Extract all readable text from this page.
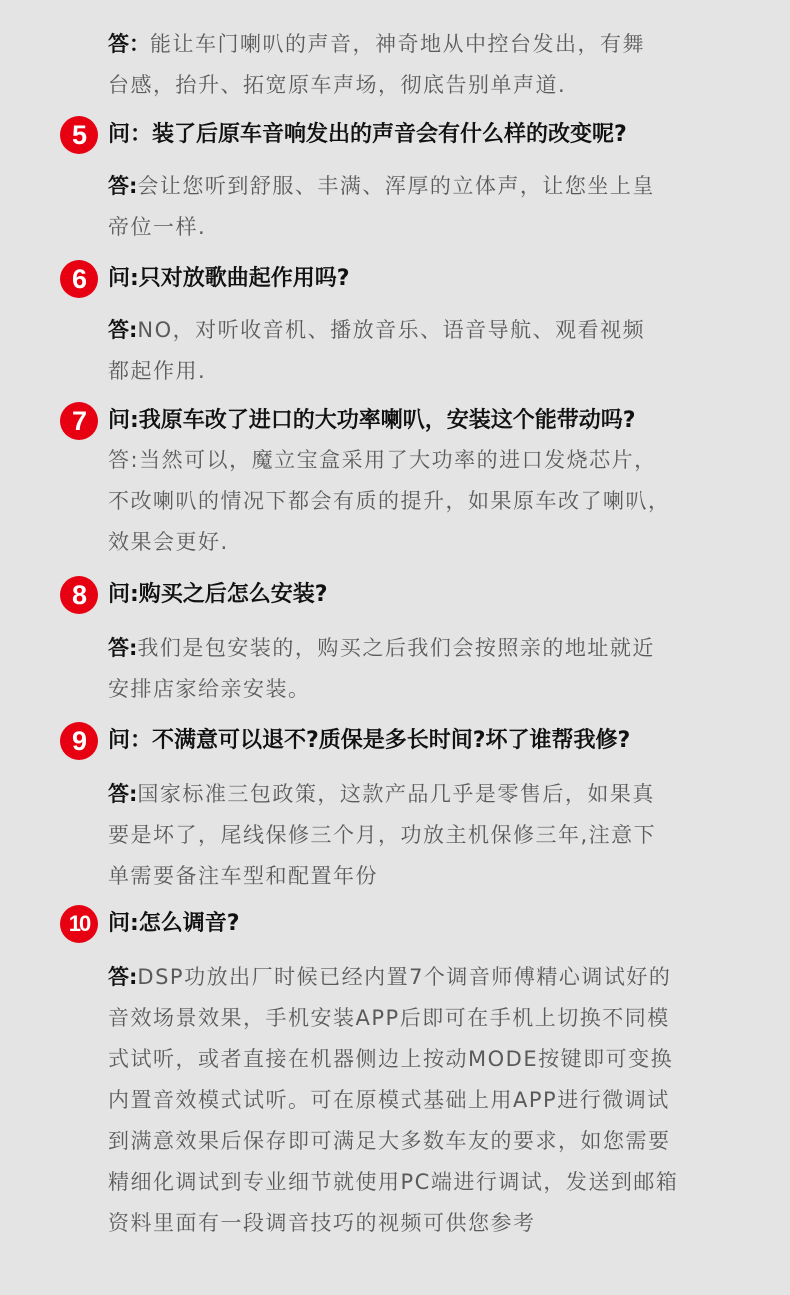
答：能让车门喇叭的声音，神奇地从中控台发出，有舞
台感，抬升、拓宽原车声场，彻底告别单声道.
5 问：装了后原车音响发出的声音会有什么样的改变呢?
答:会让您听到舒服、丰满、浑厚的立体声，让您坐上皇
帝位一样.
6 问:只对放歌曲起作用吗?
答:NO，对听收音机、播放音乐、语音导航、观看视频
都起作用.
7 问:我原车改了进口的大功率喇叭，安装这个能带动吗?
答:当然可以，魔立宝盒采用了大功率的进口发烧芯片，
不改喇叭的情况下都会有质的提升，如果原车改了喇叭，
效果会更好.
8 问:购买之后怎么安装?
答:我们是包安装的，购买之后我们会按照亲的地址就近
安排店家给亲安装。
9 问：不满意可以退不?质保是多长时间?坏了谁帮我修?
答:国家标准三包政策，这款产品几乎是零售后，如果真
要是坏了，尾线保修三个月，功放主机保修三年,注意下
单需要备注车型和配置年份
10 问:怎么调音?
答:DSP功放出厂时候已经内置7个调音师傅精心调试好的
音效场景效果，手机安装APP后即可在手机上切换不同模
式试听，或者直接在机器侧边上按动MODE按键即可变换
内置音效模式试听。可在原模式基础上用APP进行微调试
到满意效果后保存即可满足大多数车友的要求，如您需要
精细化调试到专业细节就使用PC端进行调试，发送到邮箱
资料里面有一段调音技巧的视频可供您参考
